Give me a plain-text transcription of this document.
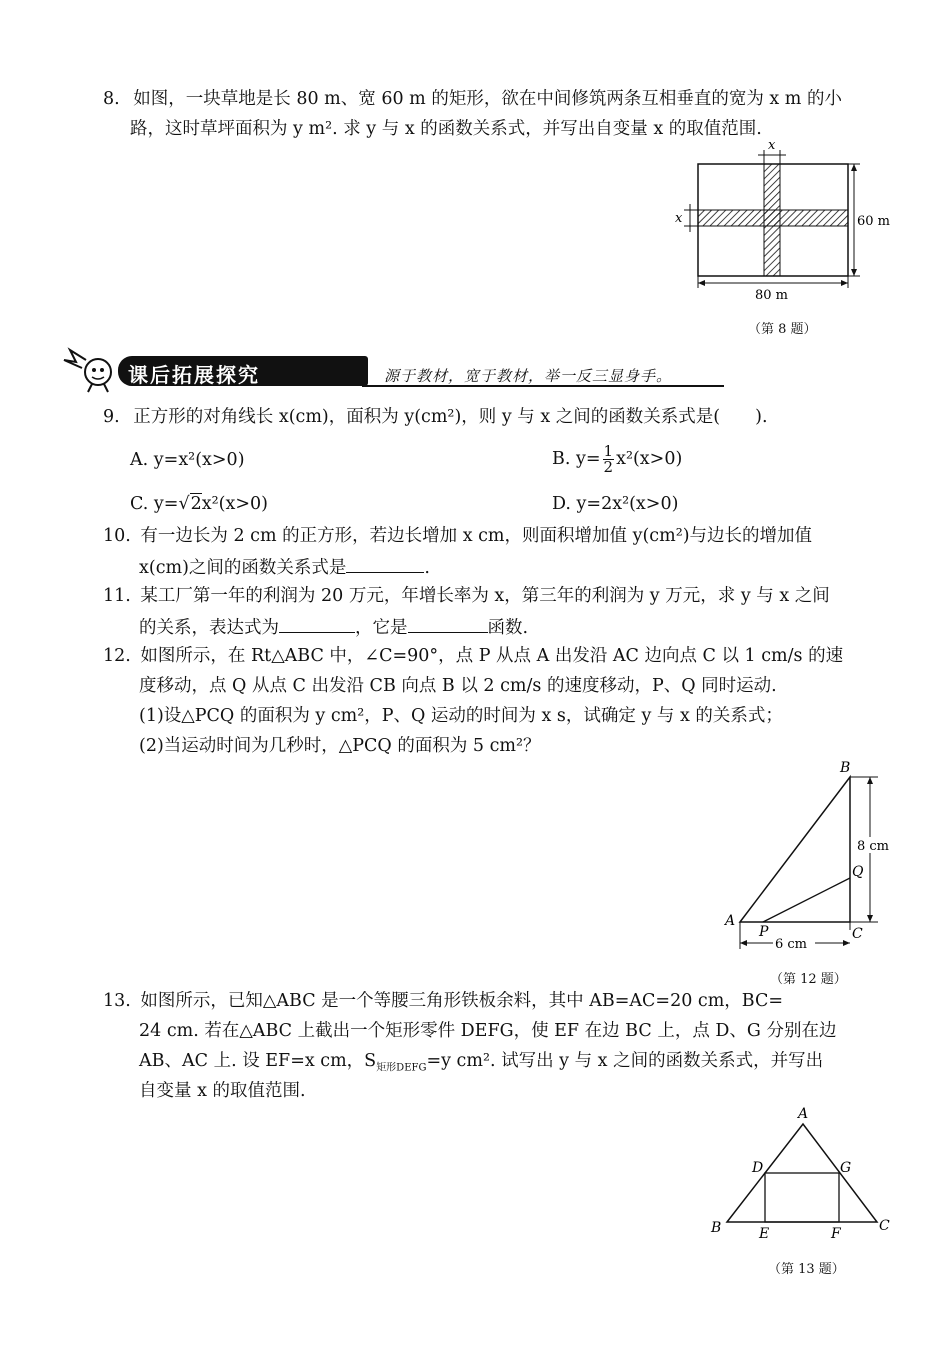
8. 如图，一块草地是长 80 m、宽 60 m 的矩形，欲在中间修筑两条互相垂直的宽为 x m 的小
路，这时草坪面积为 y m². 求 y 与 x 的函数关系式，并写出自变量 x 的取值范围.
x
x	60 m
80 m
（第 8 题）
课后拓展探究	源于教材，宽于教材，举一反三显身手。
9. 正方形的对角线长 x(cm)，面积为 y(cm²)，则 y 与 x 之间的函数关系式是(　　).
A. y=x²(x>0)	B. $y= \frac{1}{2} x^2(x>0)$
C. y=√2x²(x>0)	D. y=2x²(x>0)
10. 有一边长为 2 cm 的正方形，若边长增加 x cm，则面积增加值 y(cm²)与边长的增加值
x(cm)之间的函数关系式是	.
11. 某工厂第一年的利润为 20 万元，年增长率为 x，第三年的利润为 y 万元，求 y 与 x 之间
的关系，表达式为	，它是	函数.
12. 如图所示，在 Rt△ABC 中，∠C=90°，点 P 从点 A 出发沿 AC 边向点 C 以 1 cm/s 的速
度移动，点 Q 从点 C 出发沿 CB 向点 B 以 2 cm/s 的速度移动，P、Q 同时运动.
(1)设△PCQ 的面积为 y cm²，P、Q 运动的时间为 x s，试确定 y 与 x 的关系式；
(2)当运动时间为几秒时，△PCQ 的面积为 5 cm²？
8 cm
6 cm
B
A
C
P
Q
（第 12 题）
13. 如图所示，已知△ABC 是一个等腰三角形铁板余料，其中 AB=AC=20 cm，BC=
24 cm. 若在△ABC 上截出一个矩形零件 DEFG，使 EF 在边 BC 上，点 D、G 分别在边
AB、AC 上. 设 EF=x cm，$S_{矩形DEFG}=y$ cm². 试写出 y 与 x 之间的函数关系式，并写出
自变量 x 的取值范围.
A
B	C
D	G
E	F
（第 13 题）
